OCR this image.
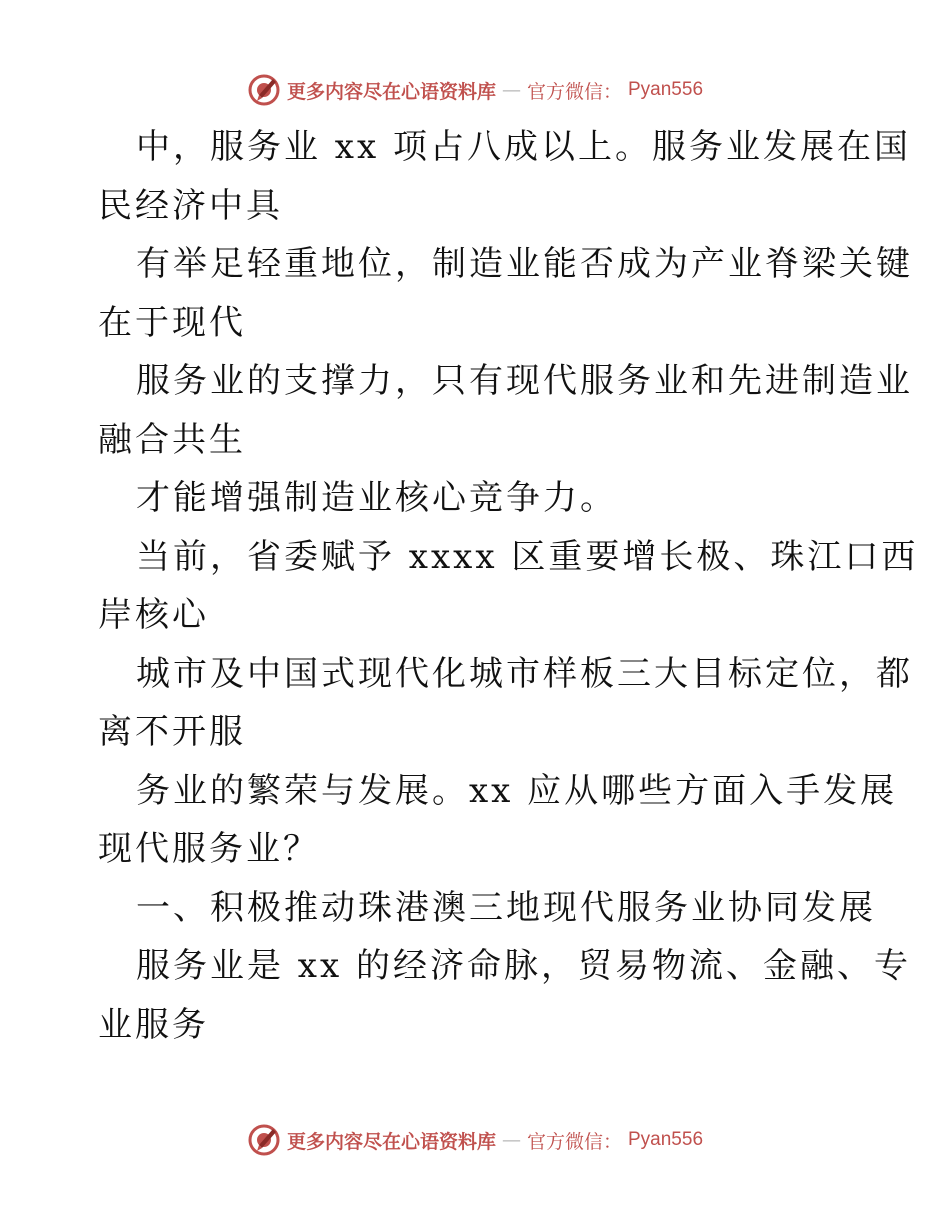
更多内容尽在心语资料库 — 官方微信： Pyan556
中，服务业 xx 项占八成以上。服务业发展在国
民经济中具
有举足轻重地位，制造业能否成为产业脊梁关键
在于现代
服务业的支撑力，只有现代服务业和先进制造业
融合共生
才能增强制造业核心竞争力。
当前，省委赋予 xxxx 区重要增长极、珠江口西
岸核心
城市及中国式现代化城市样板三大目标定位，都
离不开服
务业的繁荣与发展。xx 应从哪些方面入手发展
现代服务业？
一、积极推动珠港澳三地现代服务业协同发展
服务业是 xx 的经济命脉，贸易物流、金融、专
业服务
更多内容尽在心语资料库 — 官方微信： Pyan556
